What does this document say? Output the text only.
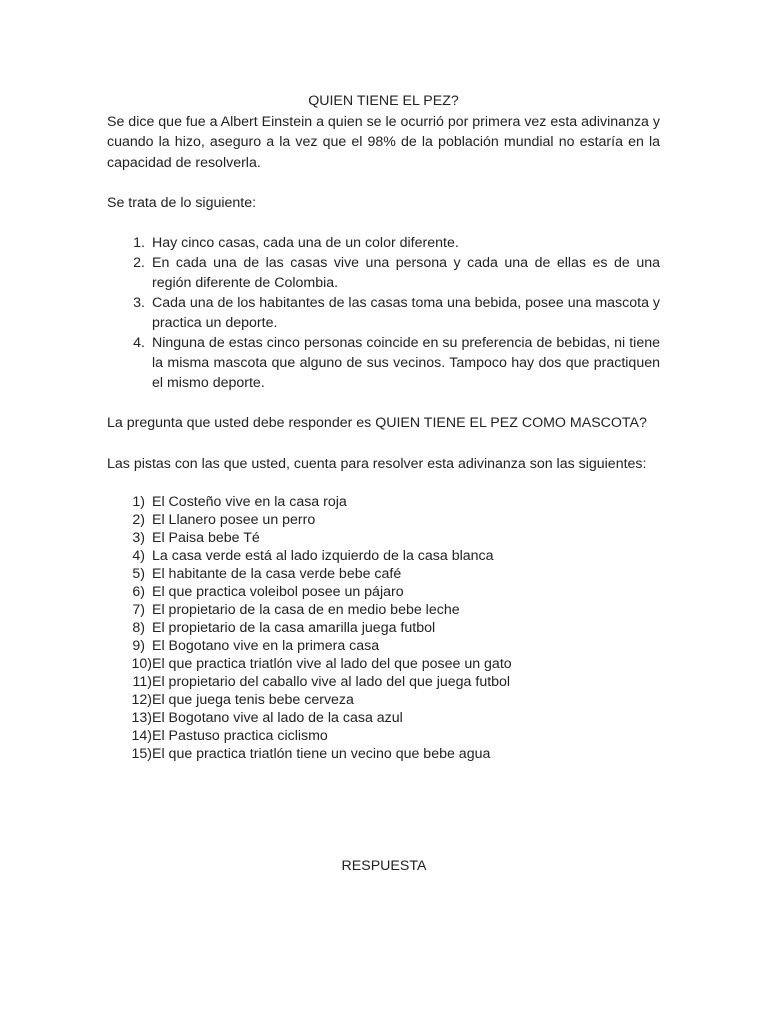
QUIEN TIENE EL PEZ?

Se dice que fue a Albert Einstein a quien se le ocurrió por primera vez esta adivinanza y cuando la hizo, aseguro a la vez que el 98% de la población mundial no estaría en la capacidad de resolverla.

Se trata de lo siguiente:

1. Hay cinco casas, cada una de un color diferente.
2. En cada una de las casas vive una persona y cada una de ellas es de una región diferente de Colombia.
3. Cada una de los habitantes de las casas toma una bebida, posee una mascota y practica un deporte.
4. Ninguna de estas cinco personas coincide en su preferencia de bebidas, ni tiene la misma mascota que alguno de sus vecinos. Tampoco hay dos que practiquen el mismo deporte.

La pregunta que usted debe responder es QUIEN TIENE EL PEZ COMO MASCOTA?

Las pistas con las que usted, cuenta para resolver esta adivinanza son las siguientes:

1) El Costeño vive en la casa roja
2) El Llanero posee un perro
3) El Paisa bebe Té
4) La casa verde está al lado izquierdo de la casa blanca
5) El habitante de la casa verde bebe café
6) El que practica voleibol posee un pájaro
7) El propietario de la casa de en medio bebe leche
8) El propietario de la casa amarilla juega futbol
9) El Bogotano vive en la primera casa
10) El que practica triatlón vive al lado del que posee un gato
11) El propietario del caballo vive al lado del que juega futbol
12) El que juega tenis bebe cerveza
13) El Bogotano vive al lado de la casa azul
14) El Pastuso practica ciclismo
15) El que practica triatlón tiene un vecino que bebe agua
RESPUESTA
